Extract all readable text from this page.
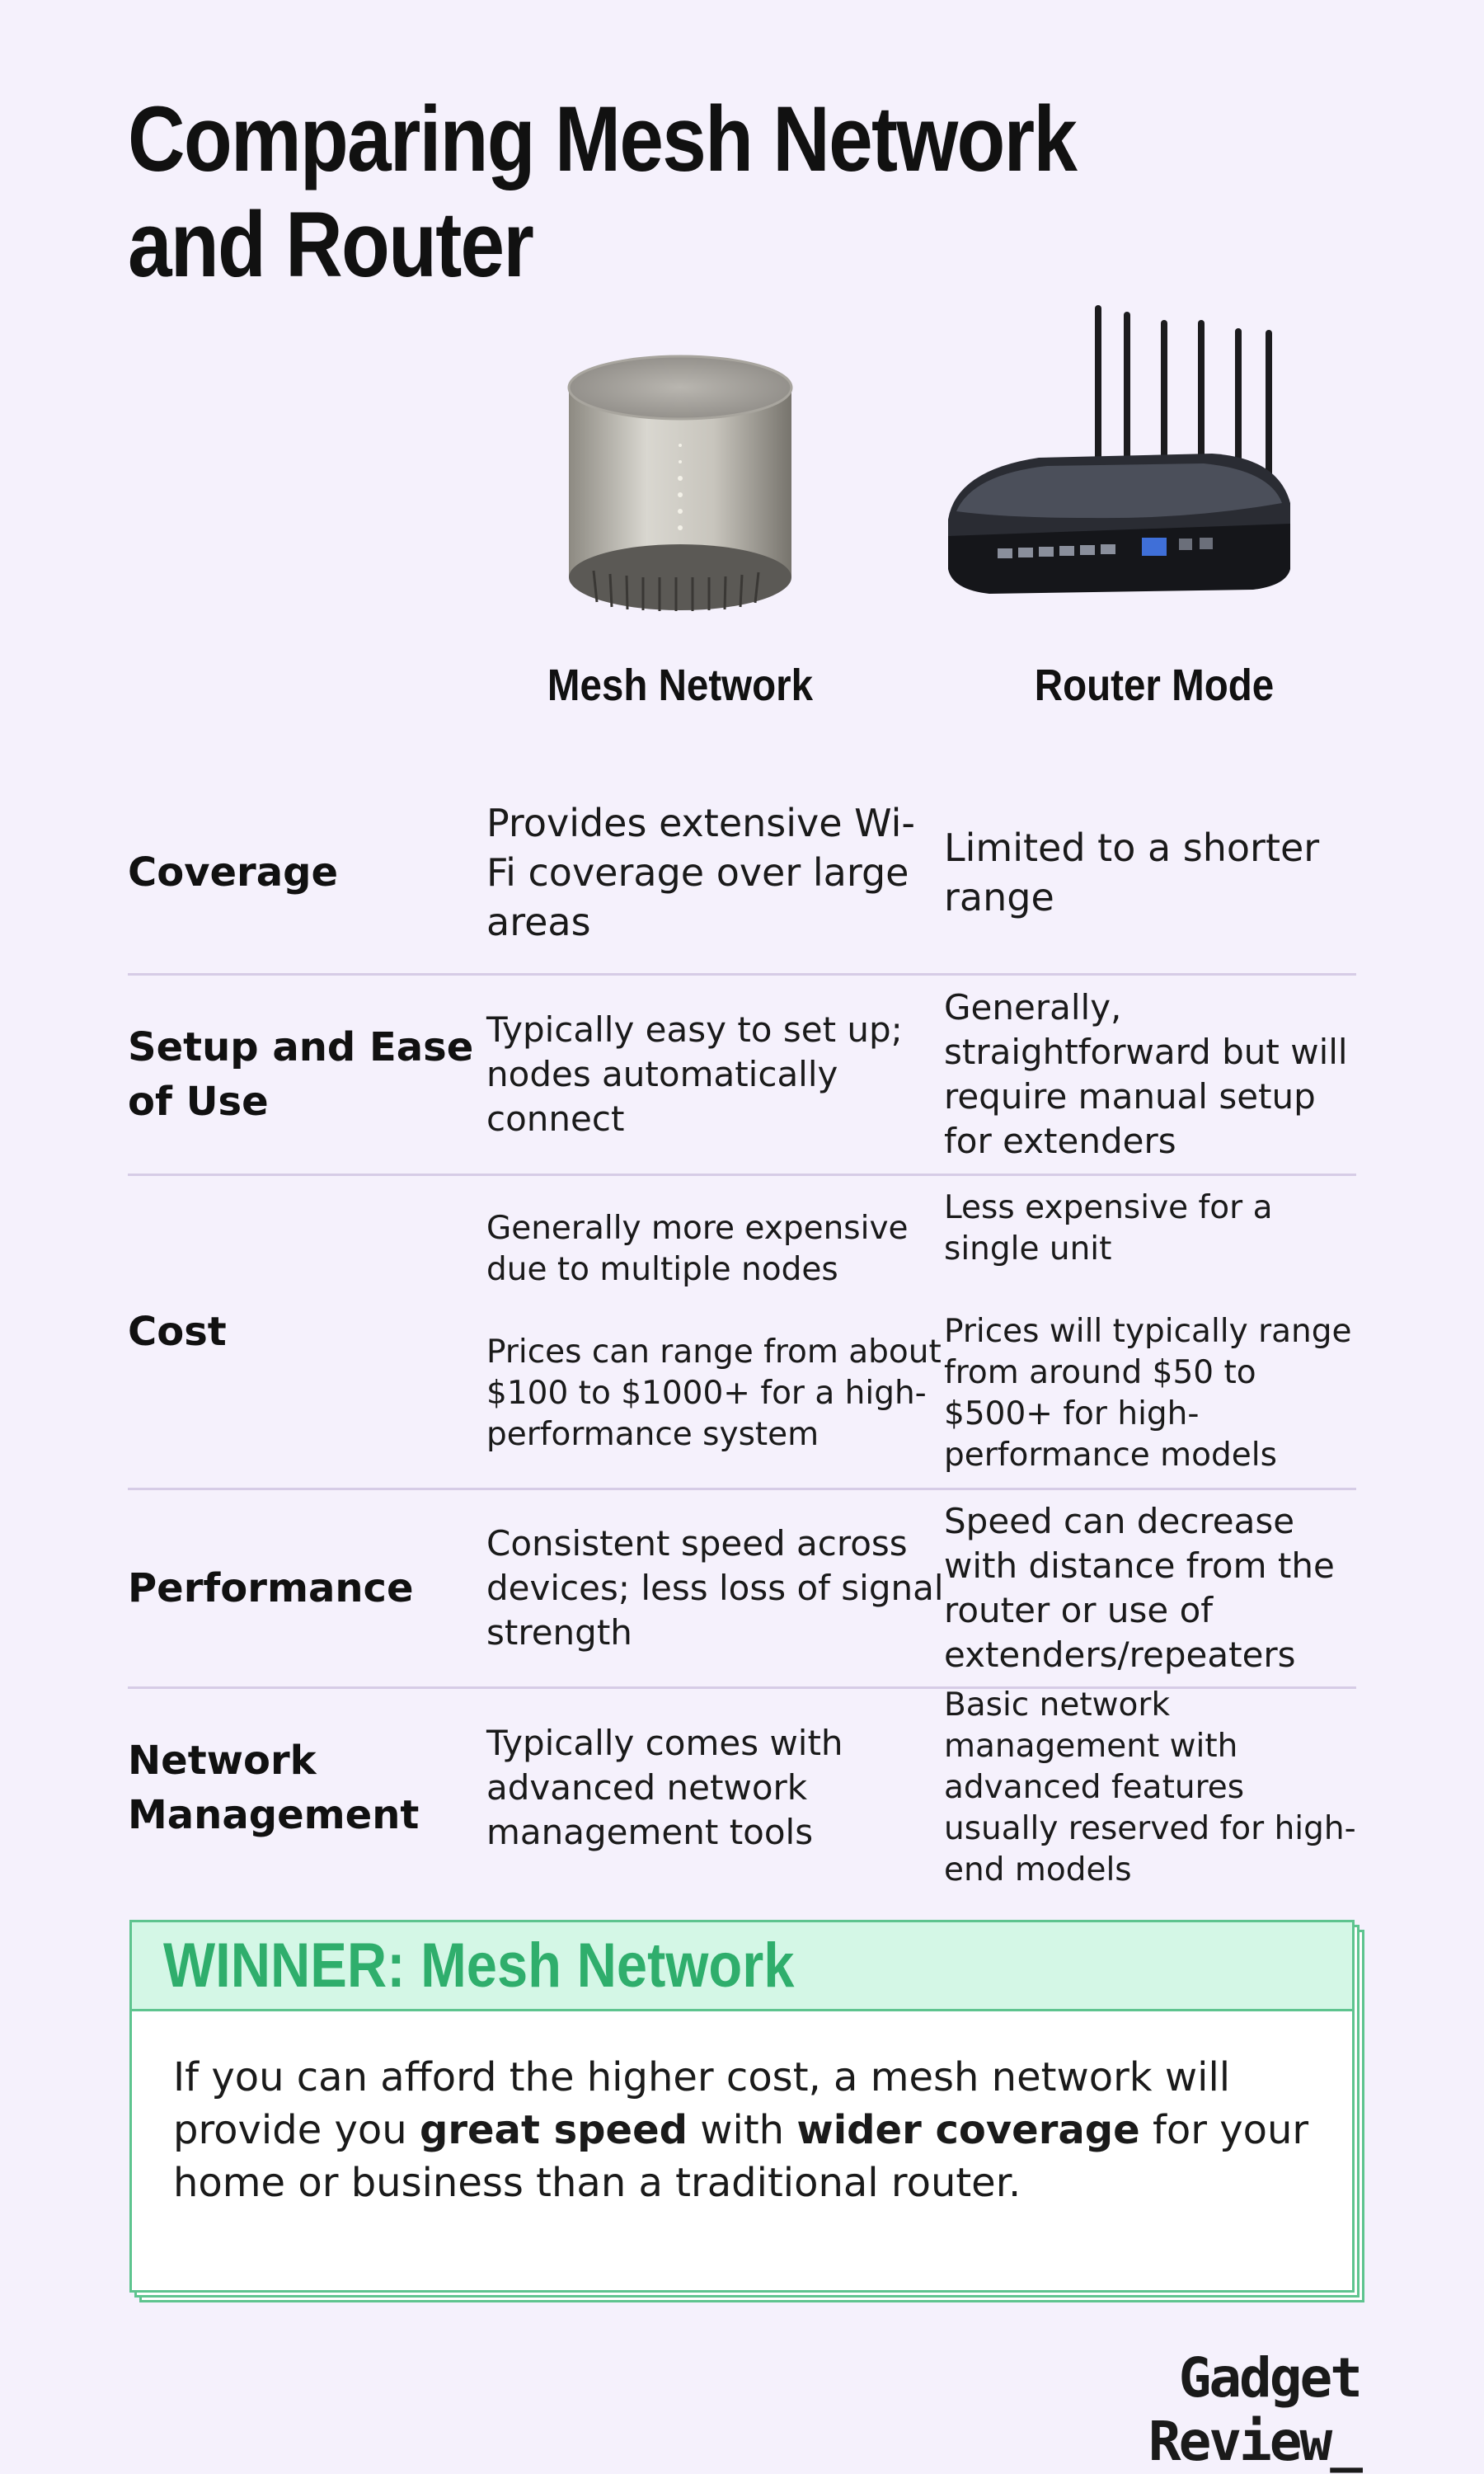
Comparing Mesh Network and Router
Mesh Network	Router Mode
Coverage

Provides extensive Wi-Fi coverage over large areas

Limited to a shorter range

Setup and Ease of Use

Typically easy to set up; nodes automatically connect

Generally, straightforward but will require manual setup for extenders

Cost

Generally more expensive due to multiple nodes

Prices can range from about $100 to $1000+ for a high-performance system

Less expensive for a single unit

Prices will typically range from around $50 to $500+ for high-performance models

Performance

Consistent speed across devices; less loss of signal strength

Speed can decrease with distance from the router or use of extenders/repeaters

Network Management

Typically comes with advanced network management tools

Basic network management with advanced features usually reserved for high-end models

WINNER: Mesh Network
If you can afford the higher cost, a mesh network will provide you great speed with wider coverage for your home or business than a traditional router.
Gadget Review_
